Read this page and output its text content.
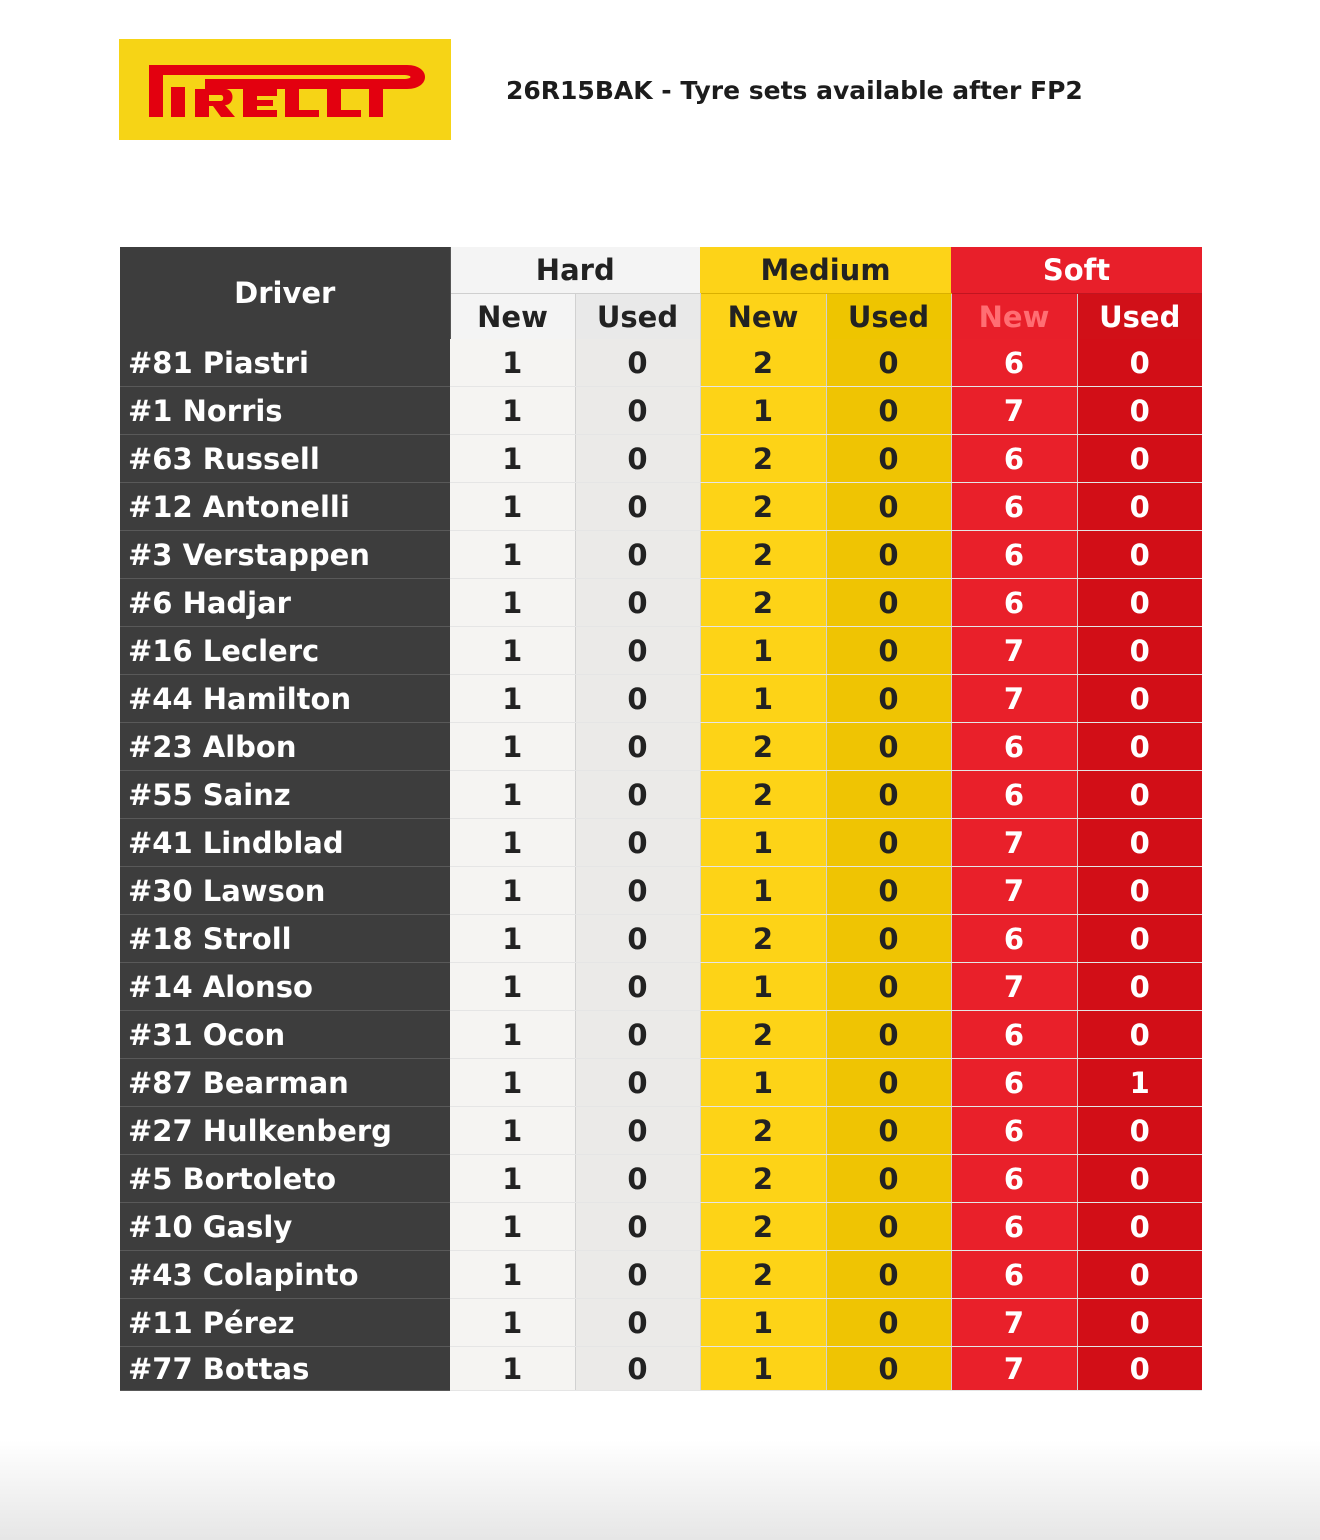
26R15BAK - Tyre sets available after FP2
Driver	Hard		Medium		Soft	
	New	Used	New	Used	New	Used
#81 Piastri	1	0	2	0	6	0
#1 Norris	1	0	1	0	7	0
#63 Russell	1	0	2	0	6	0
#12 Antonelli	1	0	2	0	6	0
#3 Verstappen	1	0	2	0	6	0
#6 Hadjar	1	0	2	0	6	0
#16 Leclerc	1	0	1	0	7	0
#44 Hamilton	1	0	1	0	7	0
#23 Albon	1	0	2	0	6	0
#55 Sainz	1	0	2	0	6	0
#41 Lindblad	1	0	1	0	7	0
#30 Lawson	1	0	1	0	7	0
#18 Stroll	1	0	2	0	6	0
#14 Alonso	1	0	1	0	7	0
#31 Ocon	1	0	2	0	6	0
#87 Bearman	1	0	1	0	6	1
#27 Hulkenberg	1	0	2	0	6	0
#5 Bortoleto	1	0	2	0	6	0
#10 Gasly	1	0	2	0	6	0
#43 Colapinto	1	0	2	0	6	0
#11 Pérez	1	0	1	0	7	0
#77 Bottas	1	0	1	0	7	0
